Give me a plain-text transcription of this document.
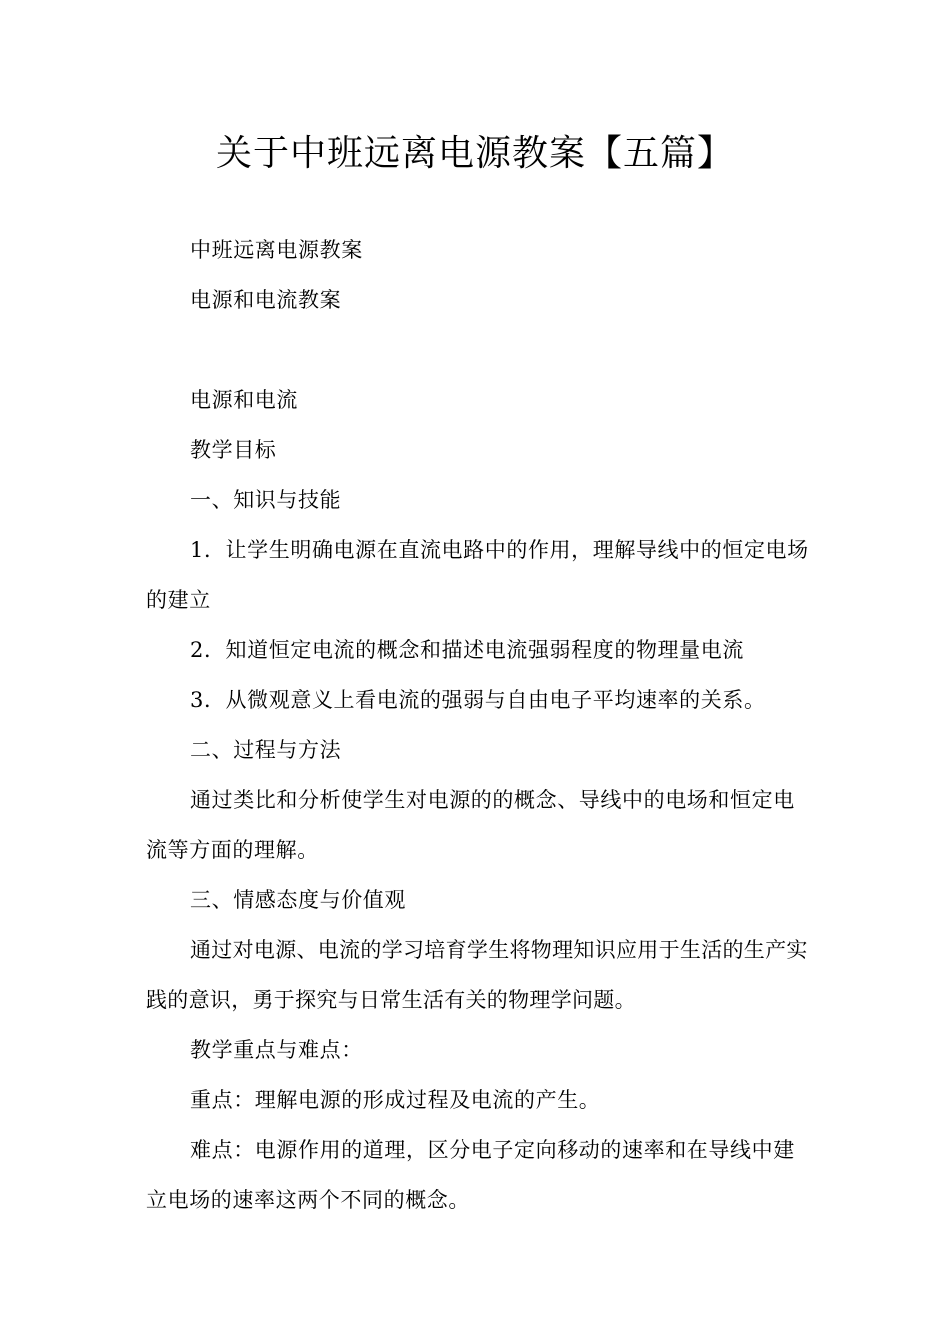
关于中班远离电源教案【五篇】

中班远离电源教案

电源和电流教案

电源和电流

教学目标

一、知识与技能

1．让学生明确电源在直流电路中的作用，理解导线中的恒定电场的建立

2．知道恒定电流的概念和描述电流强弱程度的物理量电流

3．从微观意义上看电流的强弱与自由电子平均速率的关系。

二、过程与方法

通过类比和分析使学生对电源的的概念、导线中的电场和恒定电流等方面的理解。

三、情感态度与价值观

通过对电源、电流的学习培育学生将物理知识应用于生活的生产实践的意识，勇于探究与日常生活有关的物理学问题。

教学重点与难点：

重点：理解电源的形成过程及电流的产生。

难点：电源作用的道理，区分电子定向移动的速率和在导线中建立电场的速率这两个不同的概念。
